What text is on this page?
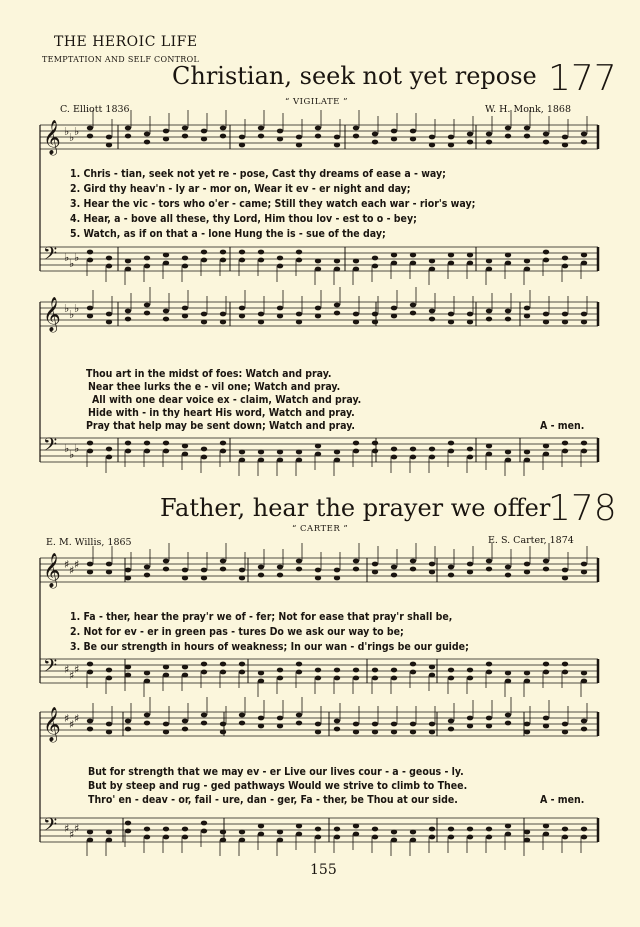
THE HEROIC LIFE
TEMPTATION AND SELF CONTROL
Christian, seek not yet repose 177
C. Elliott 1836
“ VIGILATE ”
W. H. Monk, 1868
1. Chris - tian, seek not yet re - pose, Cast thy dreams of ease a - way;
2. Gird thy heav'n - ly ar - mor on, Wear it ev - er night and day;
3. Hear the vic - tors who o'er - came; Still they watch each war - rior's way;
4. Hear, a - bove all these, thy Lord, Him thou lov - est to o - bey;
5. Watch, as if on that a - lone Hung the is - sue of the day;
Thou art in the midst of foes: Watch and pray.
Near thee lurks the e - vil one; Watch and pray.
All with one dear voice ex - claim, Watch and pray.
Hide with - in thy heart His word, Watch and pray.
Pray that help may be sent down; Watch and pray.	A - men.
Father, hear the prayer we offer
178
“ CARTER ”
E. M. Willis, 1865	E. S. Carter, 1874
1. Fa - ther, hear the pray'r we of - fer; Not for ease that pray'r shall be,
2. Not for ev - er in green pas - tures Do we ask our way to be;
3. Be our strength in hours of weakness; In our wan - d'rings be our guide;
But for strength that we may ev - er Live our lives cour - a - geous - ly.
But by steep and rug - ged pathways Would we strive to climb to Thee.
Thro' en - deav - or, fail - ure, dan - ger, Fa - ther, be Thou at our side.	A - men.
155
𝄞
𝄢
♭
♭
♭
♭
♭
♭
𝄞
𝄢
♭
♭
♭
♭
♭
♭
𝄞
𝄢
♯
♯
♯
♯
♯
♯
𝄞
𝄢
♯
♯
♯
♯
♯
♯
